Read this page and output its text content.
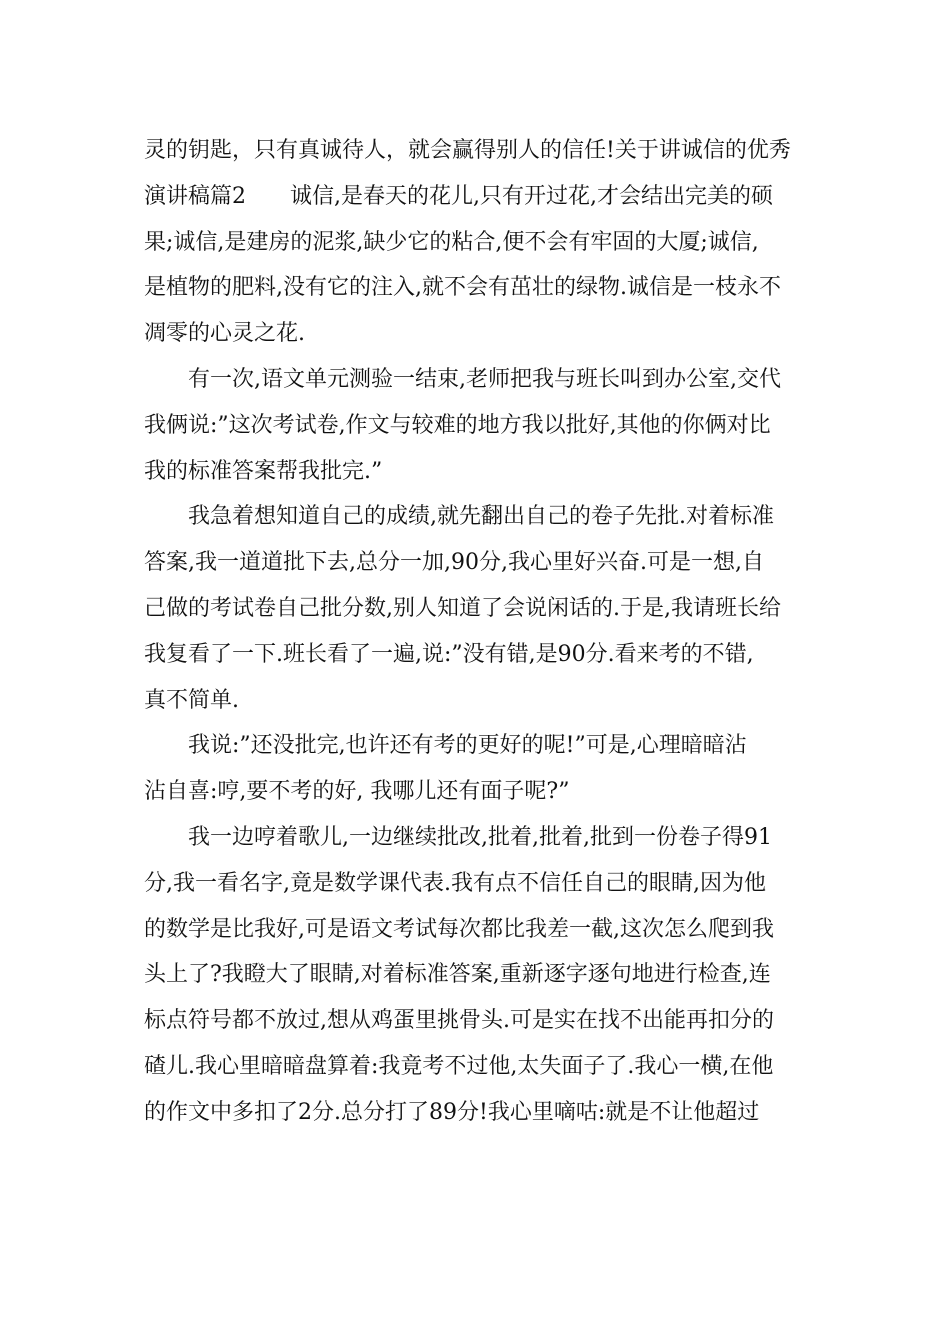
灵的钥匙，只有真诚待人，就会赢得别人的信任!关于讲诚信的优秀
演讲稿篇2　　诚信,是春天的花儿,只有开过花,才会结出完美的硕
果;诚信,是建房的泥浆,缺少它的粘合,便不会有牢固的大厦;诚信,
是植物的肥料,没有它的注入,就不会有茁壮的绿物.诚信是一枝永不
凋零的心灵之花.
　　有一次,语文单元测验一结束,老师把我与班长叫到办公室,交代
我俩说:”这次考试卷,作文与较难的地方我以批好,其他的你俩对比
我的标准答案帮我批完.”
　　我急着想知道自己的成绩,就先翻出自己的卷子先批.对着标准
答案,我一道道批下去,总分一加,90分,我心里好兴奋.可是一想,自
己做的考试卷自己批分数,别人知道了会说闲话的.于是,我请班长给
我复看了一下.班长看了一遍,说:”没有错,是90分.看来考的不错,
真不简单.
　　我说:”还没批完,也许还有考的更好的呢!”可是,心理暗暗沾
沾自喜:哼,要不考的好, 我哪儿还有面子呢?”
　　我一边哼着歌儿,一边继续批改,批着,批着,批到一份卷子得91
分,我一看名字,竟是数学课代表.我有点不信任自己的眼睛,因为他
的数学是比我好,可是语文考试每次都比我差一截,这次怎么爬到我
头上了?我瞪大了眼睛,对着标准答案,重新逐字逐句地进行检查,连
标点符号都不放过,想从鸡蛋里挑骨头.可是实在找不出能再扣分的
碴儿.我心里暗暗盘算着:我竟考不过他,太失面子了.我心一横,在他
的作文中多扣了2分.总分打了89分!我心里嘀咕:就是不让他超过
